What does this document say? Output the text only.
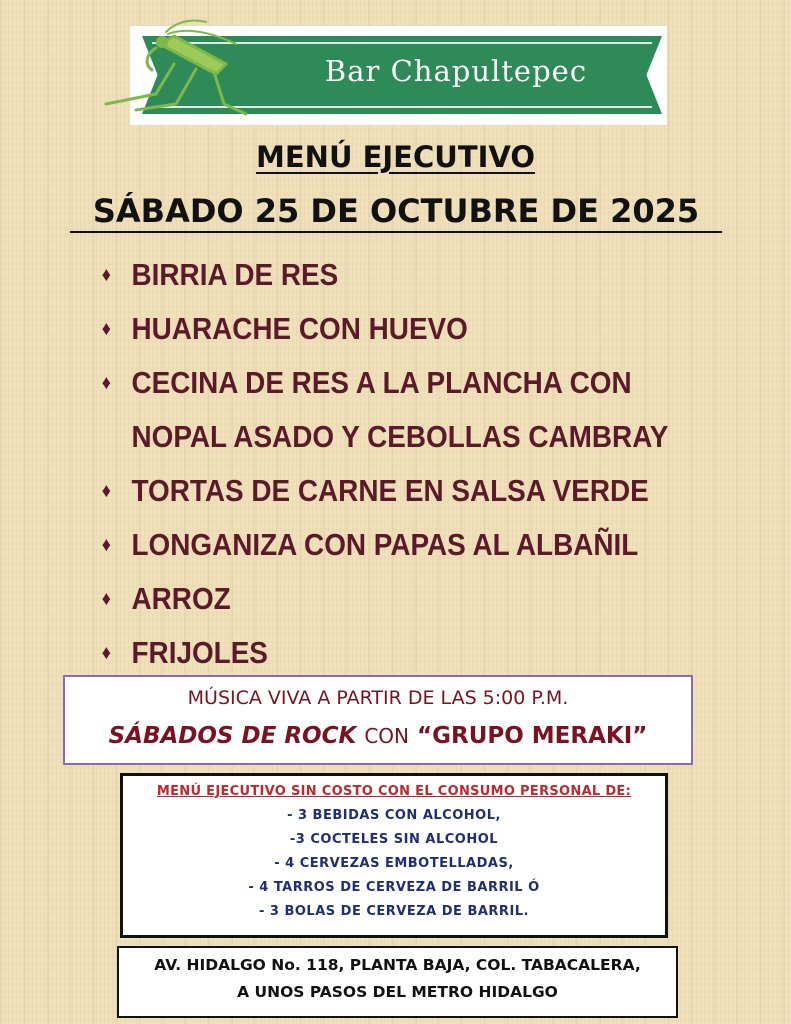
Bar Chapultepec
MENÚ EJECUTIVO
SÁBADO 25 DE OCTUBRE DE 2025
♦ BIRRIA DE RES
♦ HUARACHE CON HUEVO
♦ CECINA DE RES A LA PLANCHA CON
NOPAL ASADO Y CEBOLLAS CAMBRAY
♦ TORTAS DE CARNE EN SALSA VERDE
♦ LONGANIZA CON PAPAS AL ALBAÑIL
♦ ARROZ
♦ FRIJOLES
MÚSICA VIVA A PARTIR DE LAS 5:00 P.M.
SÁBADOS DE ROCK CON “GRUPO MERAKI”
MENÚ EJECUTIVO SIN COSTO CON EL CONSUMO PERSONAL DE:
- 3 BEBIDAS CON ALCOHOL,
-3 COCTELES SIN ALCOHOL
- 4 CERVEZAS EMBOTELLADAS,
- 4 TARROS DE CERVEZA DE BARRIL Ó
- 3 BOLAS DE CERVEZA DE BARRIL.
AV. HIDALGO No. 118, PLANTA BAJA, COL. TABACALERA,
A UNOS PASOS DEL METRO HIDALGO
